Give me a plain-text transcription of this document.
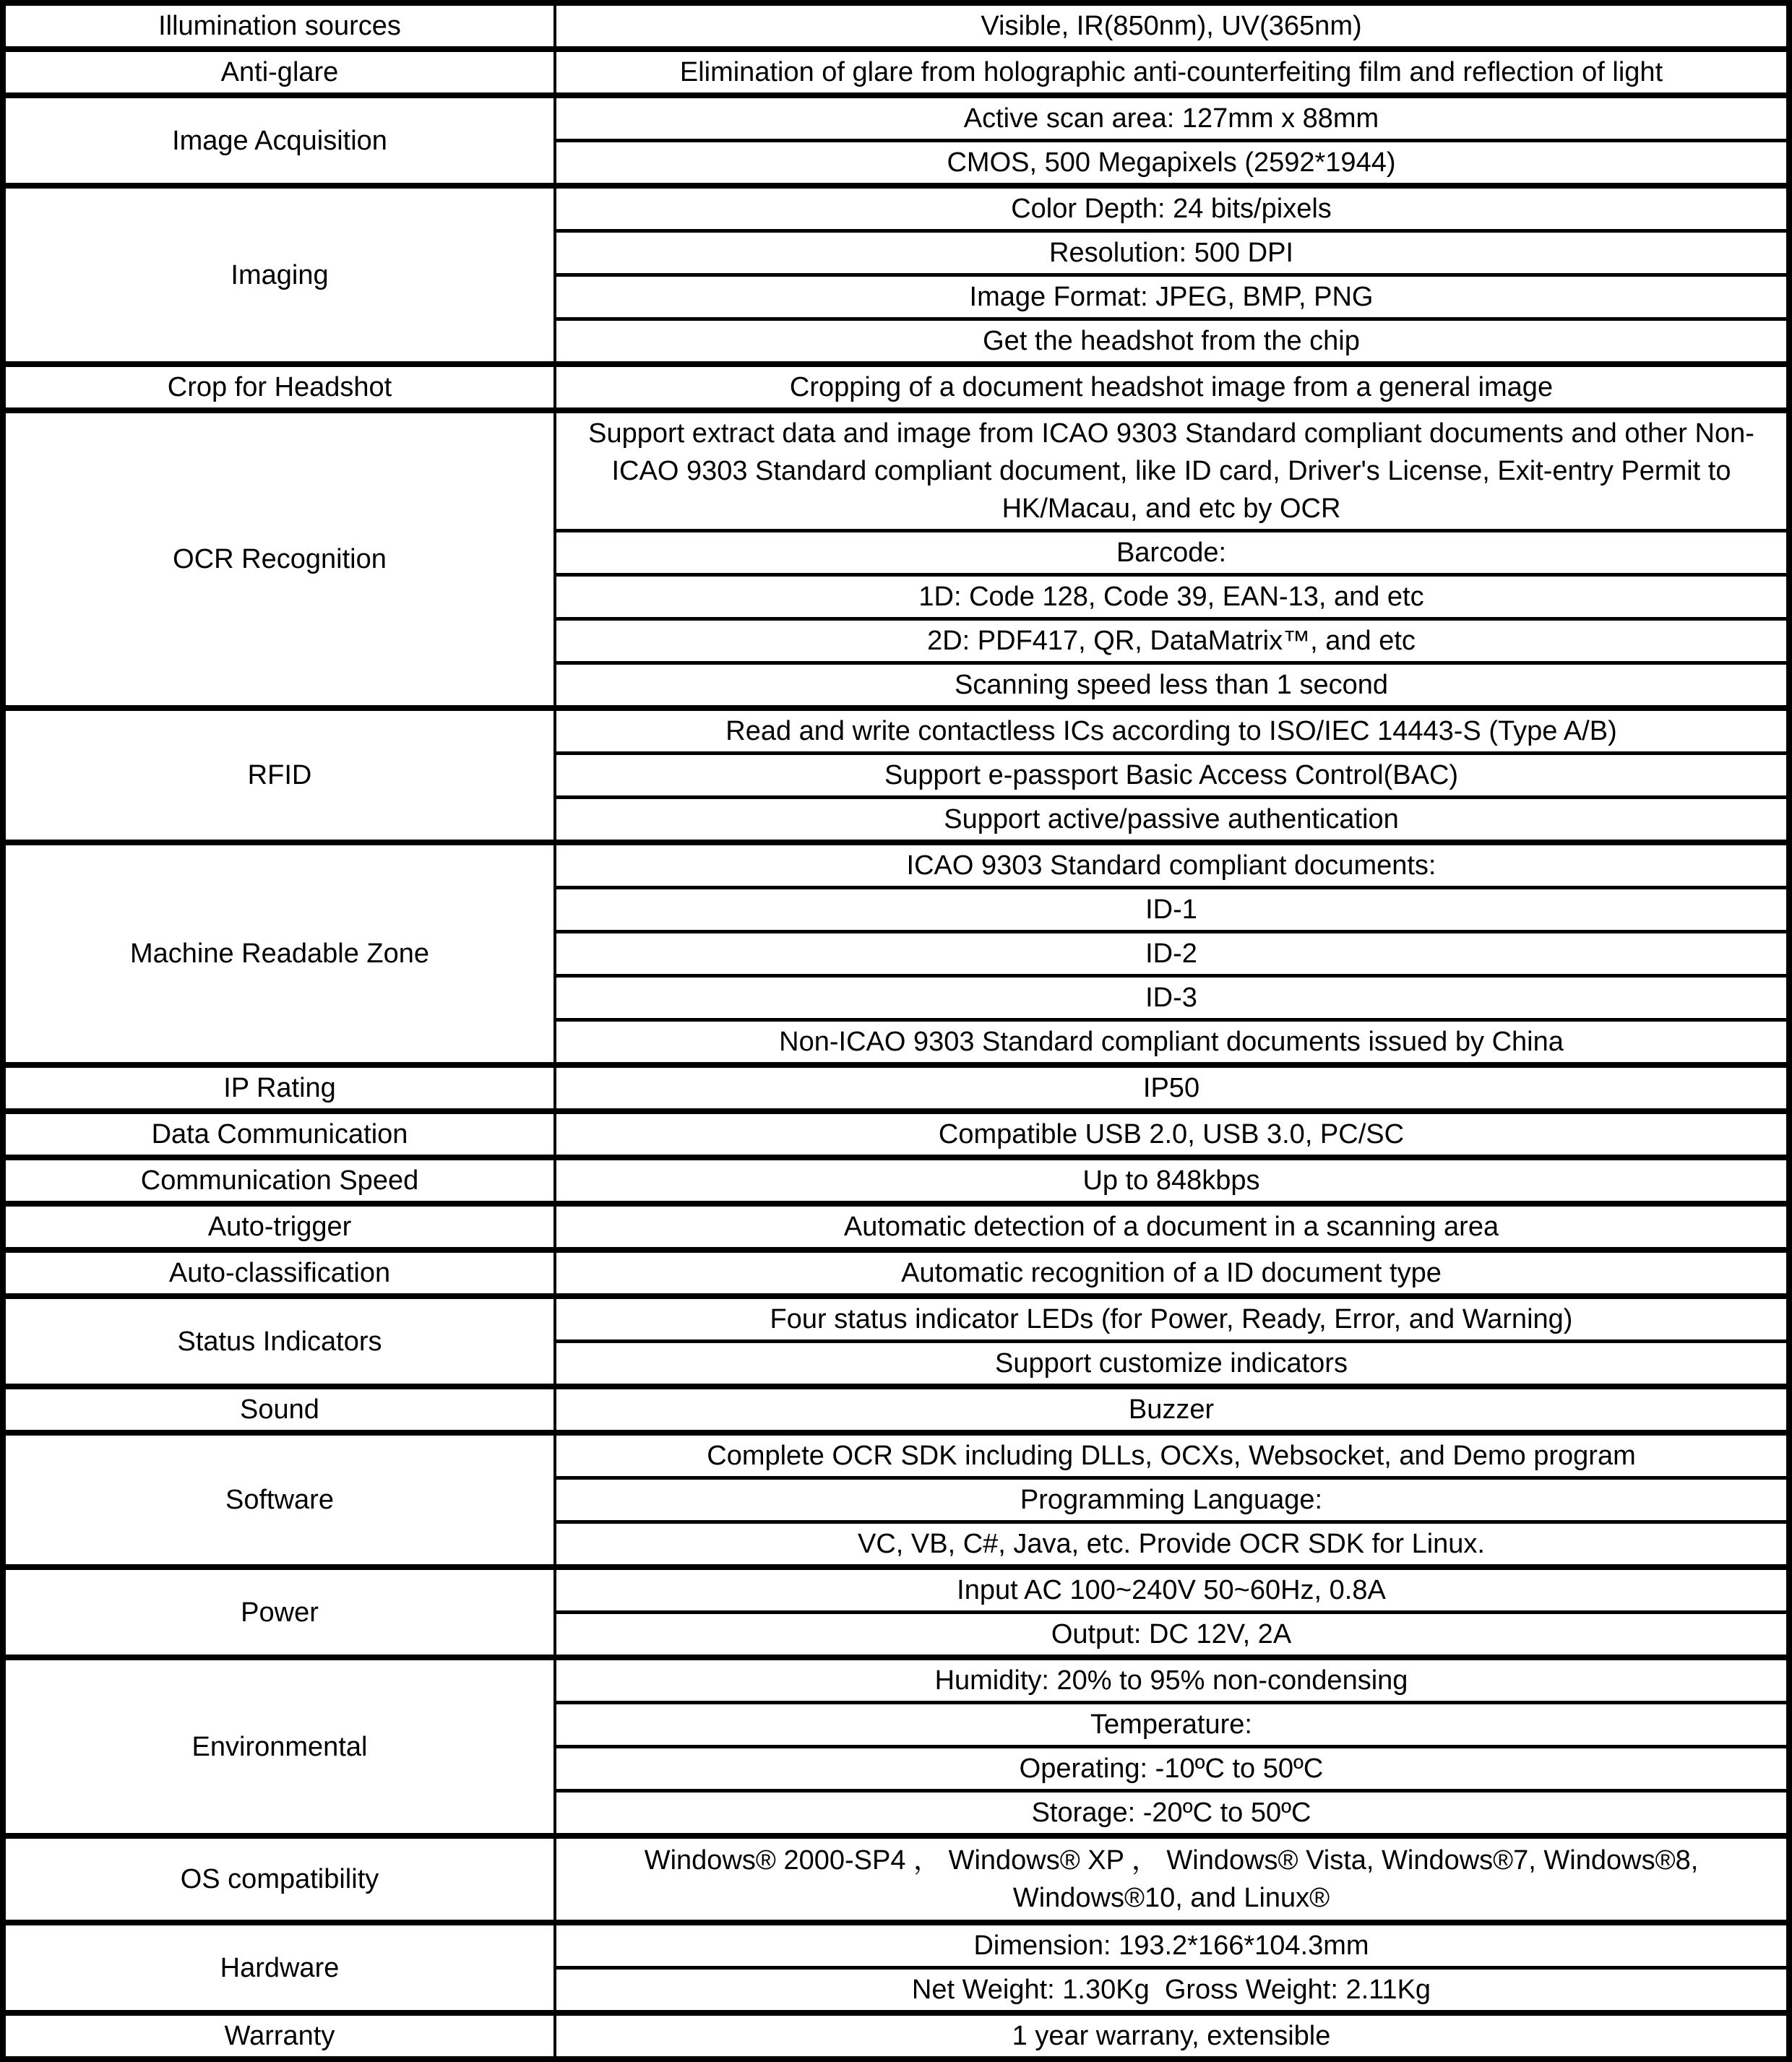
Illumination sources	Visible, IR(850nm), UV(365nm)
Anti-glare	Elimination of glare from holographic anti-counterfeiting film and reflection of light
Image Acquisition	Active scan area: 127mm x 88mm
	CMOS, 500 Megapixels (2592*1944)
Imaging	Color Depth: 24 bits/pixels
	Resolution: 500 DPI
	Image Format: JPEG, BMP, PNG
	Get the headshot from the chip
Crop for Headshot	Cropping of a document headshot image from a general image
OCR Recognition	Support extract data and image from ICAO 9303 Standard compliant documents and other Non-ICAO 9303 Standard compliant document, like ID card, Driver's License, Exit-entry Permit to HK/Macau, and etc by OCR
	Barcode:
	1D: Code 128, Code 39, EAN-13, and etc
	2D: PDF417, QR, DataMatrix™, and etc
	Scanning speed less than 1 second
RFID	Read and write contactless ICs according to ISO/IEC 14443-S (Type A/B)
	Support e-passport Basic Access Control(BAC)
	Support active/passive authentication
Machine Readable Zone	ICAO 9303 Standard compliant documents:
	ID-1
	ID-2
	ID-3
	Non-ICAO 9303 Standard compliant documents issued by China
IP Rating	IP50
Data Communication	Compatible USB 2.0, USB 3.0, PC/SC
Communication Speed	Up to 848kbps
Auto-trigger	Automatic detection of a document in a scanning area
Auto-classification	Automatic recognition of a ID document type
Status Indicators	Four status indicator LEDs (for Power, Ready, Error, and Warning)
	Support customize indicators
Sound	Buzzer
Software	Complete OCR SDK including DLLs, OCXs, Websocket, and Demo program
	Programming Language:
	VC, VB, C#, Java, etc. Provide OCR SDK for Linux.
Power	Input AC 100~240V 50~60Hz, 0.8A
	Output: DC 12V, 2A
Environmental	Humidity: 20% to 95% non-condensing
	Temperature:
	Operating: -10ºC to 50ºC
	Storage: -20ºC to 50ºC
OS compatibility	Windows® 2000-SP4 ， Windows® XP ， Windows® Vista, Windows®7, Windows®8, Windows®10, and Linux®
Hardware	Dimension: 193.2*166*104.3mm
	Net Weight: 1.30Kg  Gross Weight: 2.11Kg
Warranty	1 year warrany, extensible
